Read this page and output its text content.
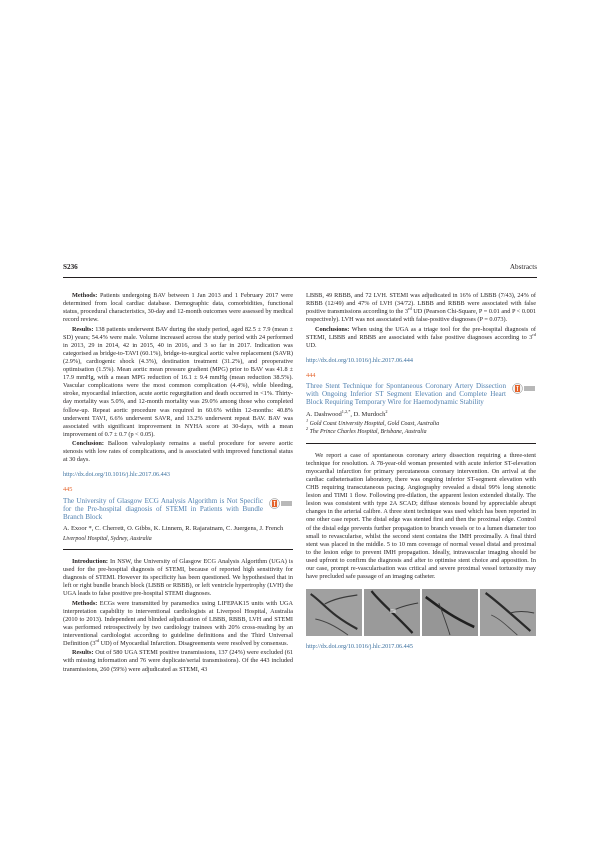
S236	Abstracts

Methods: Patients undergoing BAV between 1 Jan 2013 and 1 February 2017 were determined from local cardiac database. Demographic data, comorbidities, functional status, procedural characteristics, 30-day and 12-month outcomes were assessed by medical record review.

Results: 138 patients underwent BAV during the study period, aged 82.5 ± 7.9 (mean ± SD) years; 54.4% were male. Volume increased across the study period with 24 performed in 2013, 29 in 2014, 42 in 2015, 40 in 2016, and 3 so far in 2017. Indication was categorised as bridge-to-TAVI (60.1%), bridge-to-surgical aortic valve replacement (SAVR) (2.9%), cardiogenic shock (4.3%), destination treatment (31.2%), and preoperative optimisation (1.5%). Mean aortic mean pressure gradient (MPG) prior to BAV was 41.8 ± 17.9 mmHg, with a mean MPG reduction of 16.1 ± 9.4 mmHg (mean reduction 38.5%). Vascular complications were the most common complication (4.4%), while bleeding, stroke, myocardial infarction, acute aortic regurgitation and death occurred in <1%. Thirty-day mortality was 5.0%, and 12-month mortality was 29.0% among those who completed follow-up. Repeat aortic procedure was required in 60.6% within 12-months: 40.8% underwent TAVI, 6.6% underwent SAVR, and 13.2% underwent repeat BAV. BAV was associated with significant improvement in NYHA score at 30-days, with a mean improvement of 0.7 ± 0.7 (p < 0.05).

Conclusion: Balloon valvuloplasty remains a useful procedure for severe aortic stenosis with low rates of complications, and is associated with improved functional status at 30 days.

http://dx.doi.org/10.1016/j.hlc.2017.06.443
445
The University of Glasgow ECG Analysis Algorithm is Not Specific for the Pre-hospital diagnosis of STEMI in Patients with Bundle Branch Block
A. Exoor *, C. Cherrett, O. Gibbs, K. Linnem, R. Rajaratnam, C. Juergens, J. French
Liverpool Hospital, Sydney, Australia

Introduction: In NSW, the University of Glasgow ECG Analysis Algorithm (UGA) is used for the pre-hospital diagnosis of STEMI, because of reported high sensitivity for diagnosis of STEMI. However its specificity has been questioned. We hypothesised that in left or right bundle branch block (LBBB or RBBB), or left ventricle hypertrophy (LVH) the UGA leads to false positive pre-hospital STEMI diagnoses.

Methods: ECGs were transmitted by paramedics using LIFEPAK15 units with UGA interpretation capability to interventional cardiologists at Liverpool Hospital, Australia (2010 to 2013). Independent and blinded adjudication of LBBB, RBBB, LVH and STEMI was performed retrospectively by two cardiology trainees with 20% cross-reading by an interventional cardiologist according to guideline definitions and the Third Universal Definition (3rd UD) of Myocardial Infarction. Disagreements were resolved by consensus.

Results: Out of 580 UGA STEMI positive transmissions, 137 (24%) were excluded (61 with missing information and 76 were duplicate/serial transmissions). Of the 443 included transmissions, 260 (59%) were adjudicated as STEMI, 43

LBBB, 49 RBBB, and 72 LVH. STEMI was adjudicated in 16% of LBBB (7/43), 24% of RBBB (12/49) and 47% of LVH (34/72). LBBB and RBBB were associated with false positive transmissions according to the 3rd UD (Pearson Chi-Square, P = 0.01 and P < 0.001 respectively). LVH was not associated with false-positive diagnoses (P = 0.073).

Conclusions: When using the UGA as a triage tool for the pre-hospital diagnosis of STEMI, LBBB and RBBB are associated with false positive diagnoses according to 3rd UD.

http://dx.doi.org/10.1016/j.hlc.2017.06.444
444
Three Stent Technique for Spontaneous Coronary Artery Dissection with Ongoing Inferior ST Segment Elevation and Complete Heart Block Requiring Temporary Wire for Haemodynamic Stability
A. Dashwood$^{1,2,*}$, D. Murdoch$^2$
$^1$ Gold Coast University Hospital, Gold Coast, Australia
$^2$ The Prince Charles Hospital, Brisbane, Australia

We report a case of spontaneous coronary artery dissection requiring a three-stent technique for resolution. A 78-year-old woman presented with acute inferior ST-elevation myocardial infarction for primary percutaneous coronary intervention. On arrival at the cardiac catheterisation laboratory, there was ongoing inferior ST-segment elevation with CHB requiring transcutaneous pacing. Angiography revealed a distal 99% long stenotic lesion and TIMI 1 flow. Following pre-dilation, the apparent lesion extended distally. The lesion was consistent with type 2A SCAD; diffuse stenosis bound by appreciable abrupt changes in the arterial calibre. A three stent technique was used which has been reported in one other case report. The distal edge was stented first and then the proximal edge. Control of the distal edge prevents further propagation to branch vessels or to a lumen diameter too small to revascularise, whilst the second stent contains the IMH proximally. A final third stent was placed in the middle. 5 to 10 mm coverage of normal vessel distal and proximal to the lesion edge to prevent IMH propagation. Ideally, intravascular imaging should be used upfront to confirm the diagnosis and after to optimise stent choice and apposition. In our case, prompt re-vascularisation was critical and severe proximal vessel tortuosity may have precluded safe passage of an imaging catheter.

http://dx.doi.org/10.1016/j.hlc.2017.06.445
